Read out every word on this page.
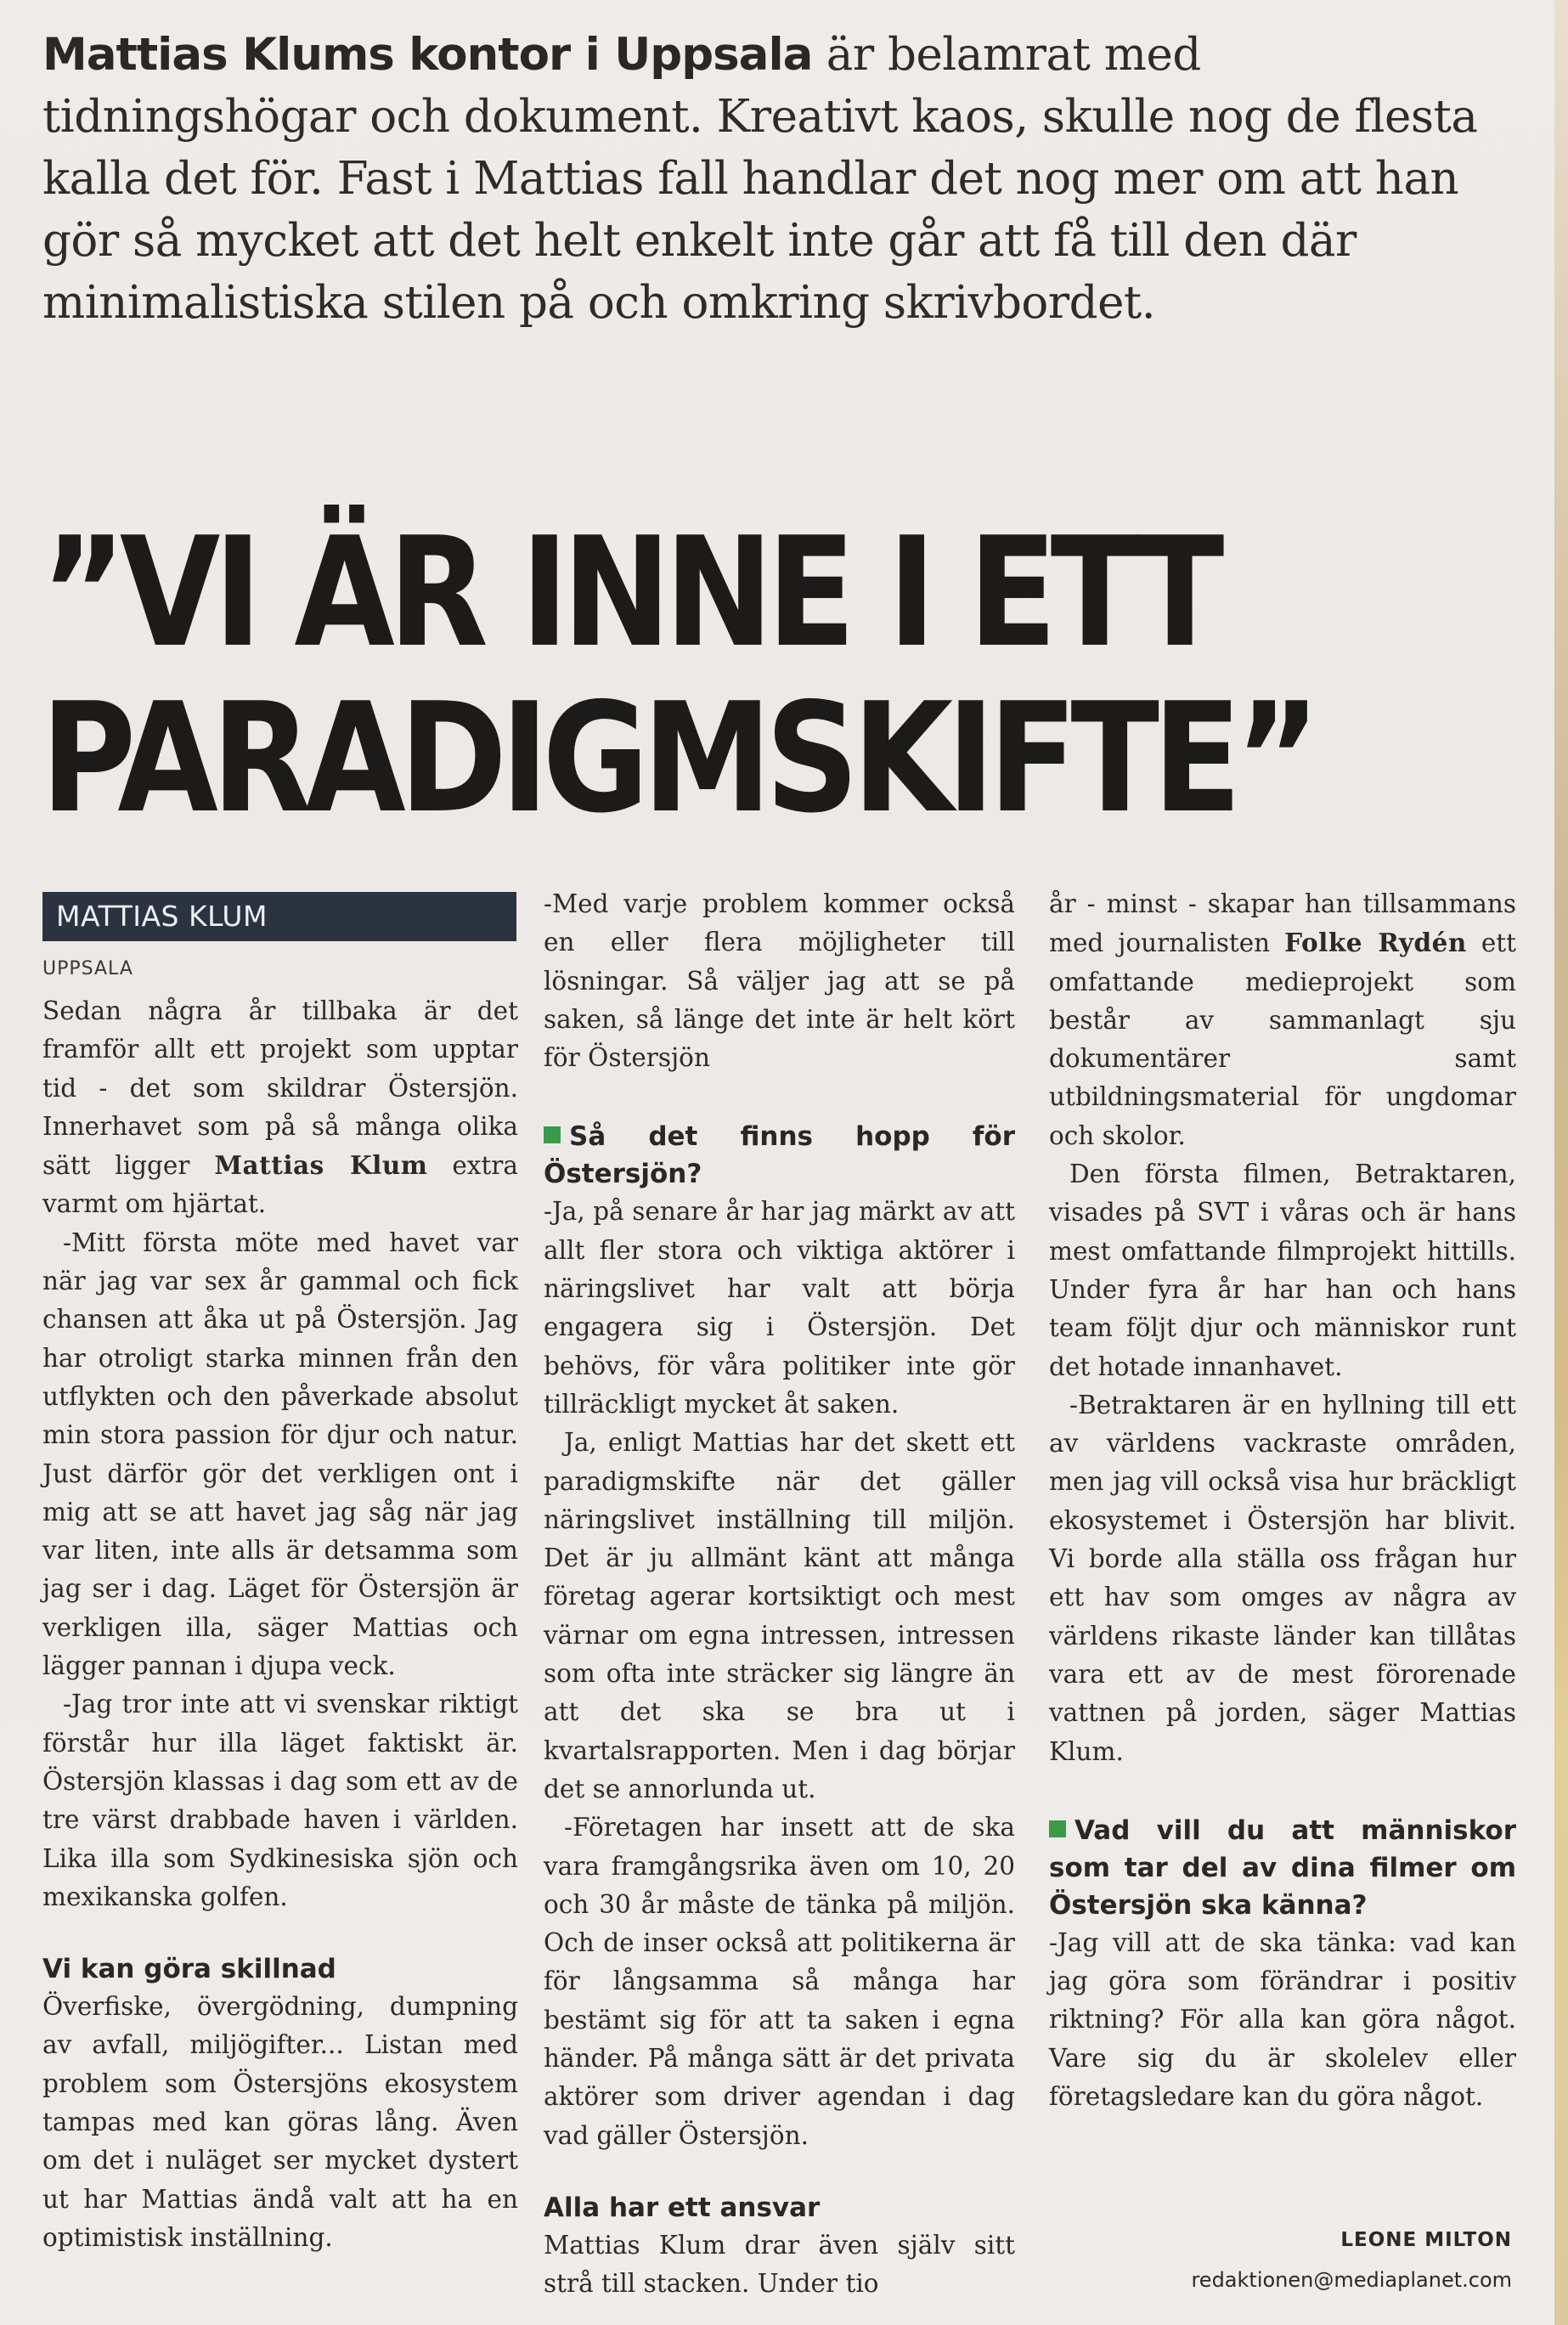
Mattias Klums kontor i Uppsala är belamrat med
tidningshögar och dokument. Kreativt kaos, skulle nog de flesta
kalla det för. Fast i Mattias fall handlar det nog mer om att han
gör så mycket att det helt enkelt inte går att få till den där
minimalistiska stilen på och omkring skrivbordet.

”VI ÄR INNE I ETT
PARADIGMSKIFTE”
MATTIAS KLUM
UPPSALA

Sedan några år tillbaka är det framför allt ett projekt som upptar tid - det som skildrar Östersjön. Innerhavet som på så många olika sätt ligger Mattias Klum extra varmt om hjärtat.

-Mitt första möte med havet var när jag var sex år gammal och fick chansen att åka ut på Östersjön. Jag har otroligt starka minnen från den utflykten och den påverkade absolut min stora passion för djur och natur. Just därför gör det verkligen ont i mig att se att havet jag såg när jag var liten, inte alls är detsamma som jag ser i dag. Läget för Östersjön är verkligen illa, säger Mattias och lägger pannan i djupa veck.

-Jag tror inte att vi svenskar riktigt förstår hur illa läget faktiskt är. Östersjön klassas i dag som ett av de tre värst drabbade haven i världen. Lika illa som Sydkinesiska sjön och mexikanska golfen.

Vi kan göra skillnad

Överfiske, övergödning, dumpning av avfall, miljögifter... Listan med problem som Östersjöns ekosystem tampas med kan göras lång. Även om det i nuläget ser mycket dystert ut har Mattias ändå valt att ha en optimistisk inställning.

-Med varje problem kommer också en eller flera möjligheter till lösningar. Så väljer jag att se på saken, så länge det inte är helt kört för Östersjön

Så det finns hopp för Östersjön?

-Ja, på senare år har jag märkt av att allt fler stora och viktiga aktörer i näringslivet har valt att börja engagera sig i Östersjön. Det behövs, för våra politiker inte gör tillräckligt mycket åt saken.

Ja, enligt Mattias har det skett ett paradigmskifte när det gäller näringslivet inställning till miljön. Det är ju allmänt känt att många företag agerar kortsiktigt och mest värnar om egna intressen, intressen som ofta inte sträcker sig längre än att det ska se bra ut i kvartalsrapporten. Men i dag börjar det se annorlunda ut.

-Företagen har insett att de ska vara framgångsrika även om 10, 20 och 30 år måste de tänka på miljön. Och de inser också att politikerna är för långsamma så många har bestämt sig för att ta saken i egna händer. På många sätt är det privata aktörer som driver agendan i dag vad gäller Östersjön.

Alla har ett ansvar

Mattias Klum drar även själv sitt strå till stacken. Under tio

år - minst - skapar han tillsammans med journalisten Folke Rydén ett omfattande medieprojekt som består av sammanlagt sju dokumentärer samt utbildningsmaterial för ungdomar och skolor.

Den första filmen, Betraktaren, visades på SVT i våras och är hans mest omfattande filmprojekt hittills. Under fyra år har han och hans team följt djur och människor runt det hotade innanhavet.

-Betraktaren är en hyllning till ett av världens vackraste områden, men jag vill också visa hur bräckligt ekosystemet i Östersjön har blivit. Vi borde alla ställa oss frågan hur ett hav som omges av några av världens rikaste länder kan tillåtas vara ett av de mest förorenade vattnen på jorden, säger Mattias Klum.

Vad vill du att människor som tar del av dina filmer om Östersjön ska känna?

-Jag vill att de ska tänka: vad kan jag göra som förändrar i positiv riktning? För alla kan göra något. Vare sig du är skolelev eller företagsledare kan du göra något.

LEONE MILTON
redaktionen@mediaplanet.com
